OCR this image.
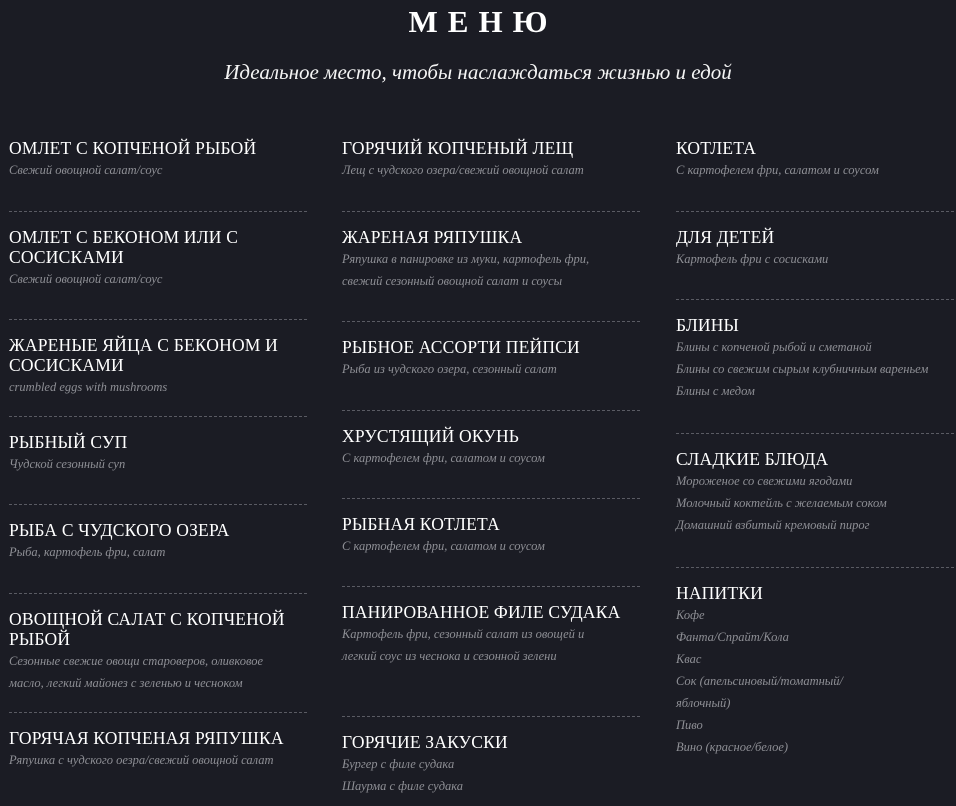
МЕНЮ
Идеальное место, чтобы наслаждаться жизнью и едой
ОМЛЕТ С КОПЧЕНОЙ РЫБОЙ
Свежий овощной салат/соус
ОМЛЕТ С БЕКОНОМ ИЛИ С СОСИСКАМИ
Свежий овощной салат/соус
ЖАРЕНЫЕ ЯЙЦА С БЕКОНОМ И СОСИСКАМИ
crumbled eggs with mushrooms
РЫБНЫЙ СУП
Чудской сезонный суп
РЫБА С ЧУДСКОГО ОЗЕРА
Рыба, картофель фри, салат
ОВОЩНОЙ САЛАТ С КОПЧЕНОЙ РЫБОЙ
Сезонные свежие овощи староверов, оливковое
масло, легкий майонез с зеленью и чесноком
ГОРЯЧАЯ КОПЧЕНАЯ РЯПУШКА
Ряпушка с чудского оезра/свежий овощной салат
ГОРЯЧИЙ КОПЧЕНЫЙ ЛЕЩ
Лещ с чудского озера/свежий овощной салат
ЖАРЕНАЯ РЯПУШКА
Ряпушка в панировке из муки, картофель фри,
свежий сезонный овощной салат и соусы
РЫБНОЕ АССОРТИ ПЕЙПСИ
Рыба из чудского озера, сезонный салат
ХРУСТЯЩИЙ ОКУНЬ
С картофелем фри, салатом и соусом
РЫБНАЯ КОТЛЕТА
С картофелем фри, салатом и соусом
ПАНИРОВАННОЕ ФИЛЕ СУДАКА
Картофель фри, сезонный салат из овощей и
легкий соус из чеснока и сезонной зелени
ГОРЯЧИЕ ЗАКУСКИ
Бургер с филе судака
Шаурма с филе судака
КОТЛЕТА
С картофелем фри, салатом и соусом
ДЛЯ ДЕТЕЙ
Картофель фри с сосисками
БЛИНЫ
Блины с копченой рыбой и сметаной
Блины со свежим сырым клубничным вареньем
Блины с медом
СЛАДКИЕ БЛЮДА
Мороженое со свежими ягодами
Молочный коктейль с желаемым соком
Домашний взбитый кремовый пирог
НАПИТКИ
Кофе
Фанта/Спрайт/Кола
Квас
Сок (апельсиновый/томатный/
яблочный)
Пиво
Вино (красное/белое)
